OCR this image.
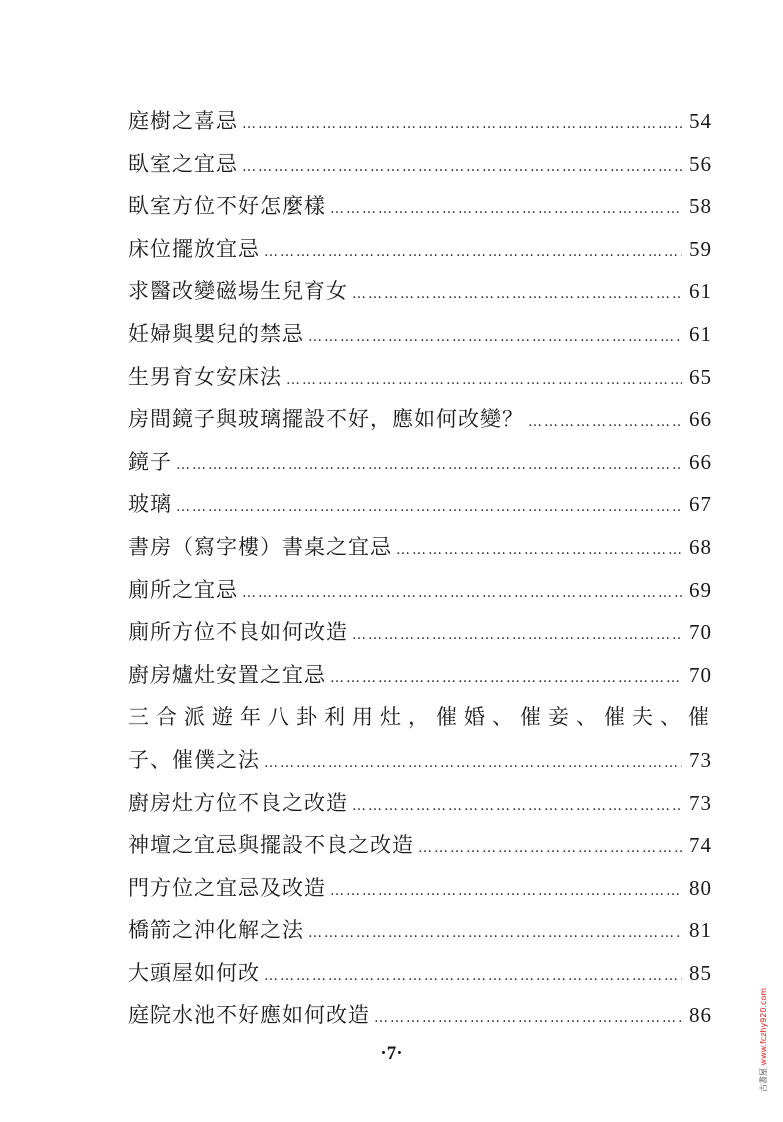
庭樹之喜忌 ……………………………………………………………………………………………………………………………………………………………	54
臥室之宜忌 ……………………………………………………………………………………………………………………………………………………………	56
臥室方位不好怎麼樣 ……………………………………………………………………………………………………………………………………………………………	58
床位擺放宜忌 ……………………………………………………………………………………………………………………………………………………………	59
求醫改變磁場生兒育女 ……………………………………………………………………………………………………………………………………………………………	61
妊婦與嬰兒的禁忌 ……………………………………………………………………………………………………………………………………………………………	61
生男育女安床法 ……………………………………………………………………………………………………………………………………………………………	65
房間鏡子與玻璃擺設不好，應如何改變？ ……………………………………………………………………………………………………………………………………………………………	66
鏡子 ……………………………………………………………………………………………………………………………………………………………	66
玻璃 ……………………………………………………………………………………………………………………………………………………………	67
書房（寫字樓）書桌之宜忌 ……………………………………………………………………………………………………………………………………………………………	68
廁所之宜忌 ……………………………………………………………………………………………………………………………………………………………	69
廁所方位不良如何改造 ……………………………………………………………………………………………………………………………………………………………	70
廚房爐灶安置之宜忌 ……………………………………………………………………………………………………………………………………………………………	70
三合派遊年八卦利用灶，催婚、催妾、催夫、催
子、催僕之法 ……………………………………………………………………………………………………………………………………………………………	73
廚房灶方位不良之改造 ……………………………………………………………………………………………………………………………………………………………	73
神壇之宜忌與擺設不良之改造 ……………………………………………………………………………………………………………………………………………………………	74
門方位之宜忌及改造 ……………………………………………………………………………………………………………………………………………………………	80
橋箭之沖化解之法 ……………………………………………………………………………………………………………………………………………………………	81
大頭屋如何改 ……………………………………………………………………………………………………………………………………………………………	85
庭院水池不好應如何改造 ……………………………………………………………………………………………………………………………………………………………	86
·7·
古書屋 www.fczhy920.com
